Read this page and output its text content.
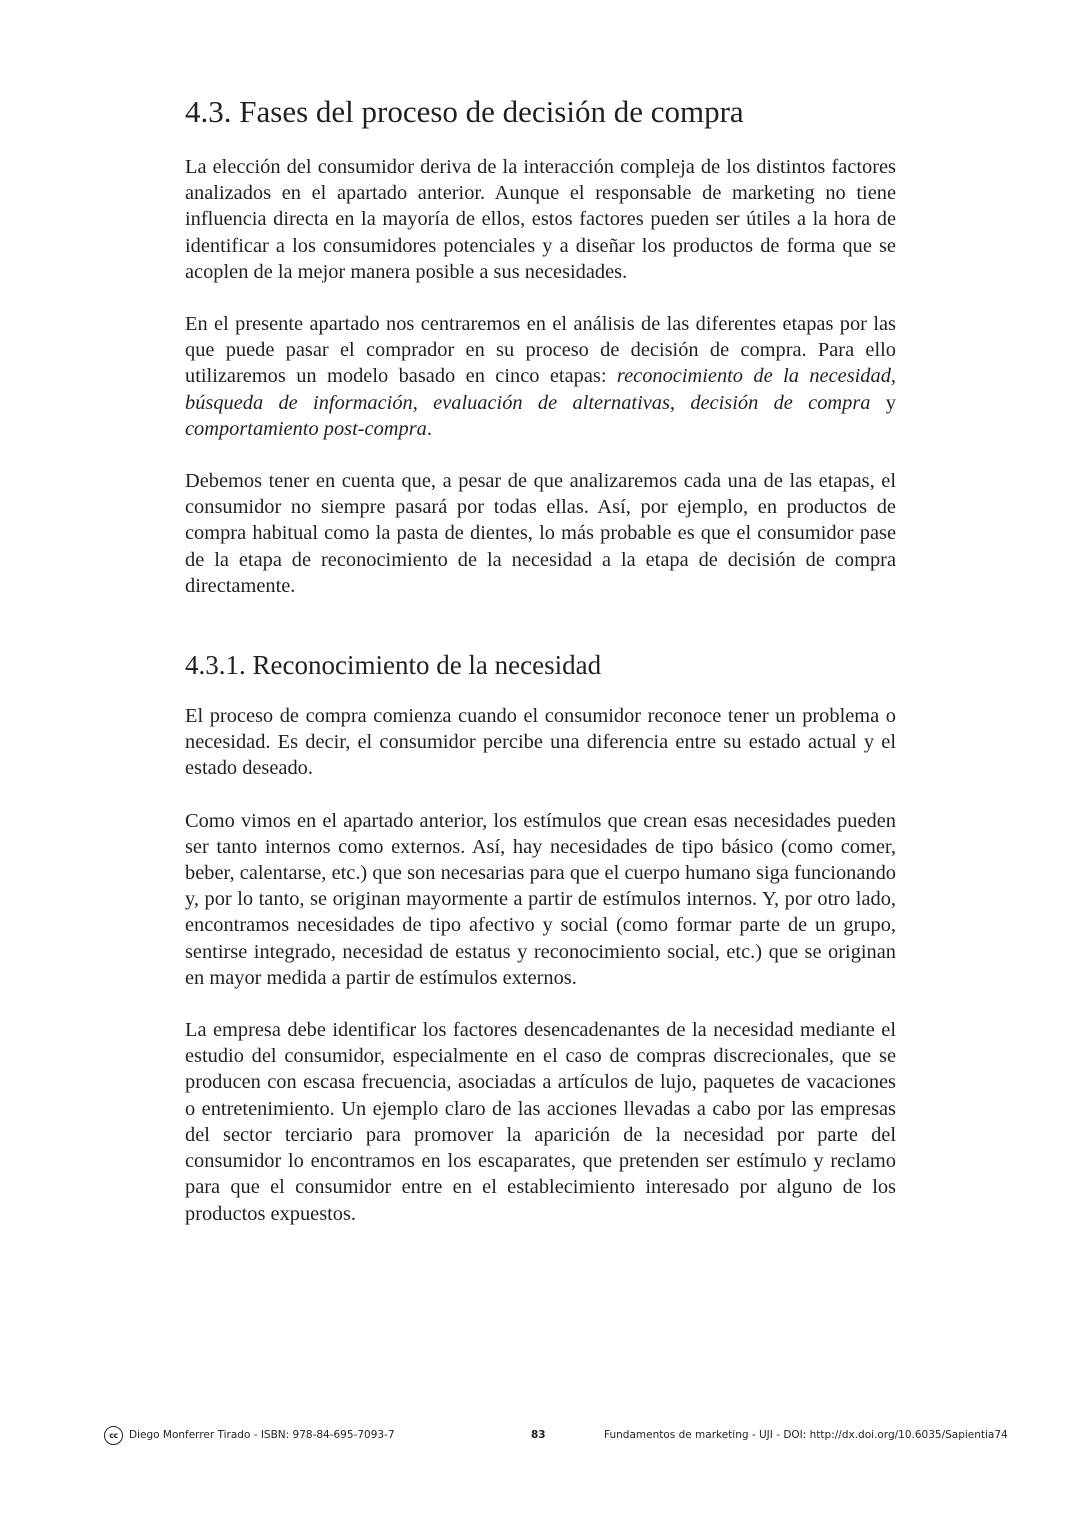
4.3. Fases del proceso de decisión de compra

La elección del consumidor deriva de la interacción compleja de los distintos factores analizados en el apartado anterior. Aunque el responsable de marketing no tiene influencia directa en la mayoría de ellos, estos factores pueden ser útiles a la hora de identificar a los consumidores potenciales y a diseñar los productos de forma que se acoplen de la mejor manera posible a sus necesidades.

En el presente apartado nos centraremos en el análisis de las diferentes etapas por las que puede pasar el comprador en su proceso de decisión de compra. Para ello utilizaremos un modelo basado en cinco etapas: reconocimiento de la necesidad, búsqueda de información, evaluación de alternativas, decisión de compra y comportamiento post-compra.

Debemos tener en cuenta que, a pesar de que analizaremos cada una de las etapas, el consumidor no siempre pasará por todas ellas. Así, por ejemplo, en productos de compra habitual como la pasta de dientes, lo más probable es que el consumidor pase de la etapa de reconocimiento de la necesidad a la etapa de decisión de compra directamente.

4.3.1. Reconocimiento de la necesidad

El proceso de compra comienza cuando el consumidor reconoce tener un problema o necesidad. Es decir, el consumidor percibe una diferencia entre su estado actual y el estado deseado.

Como vimos en el apartado anterior, los estímulos que crean esas necesidades pueden ser tanto internos como externos. Así, hay necesidades de tipo básico (como comer, beber, calentarse, etc.) que son necesarias para que el cuerpo humano siga funcionando y, por lo tanto, se originan mayormente a partir de estímulos internos. Y, por otro lado, encontramos necesidades de tipo afectivo y social (como formar parte de un grupo, sentirse integrado, necesidad de estatus y reconocimiento social, etc.) que se originan en mayor medida a partir de estímulos externos.

La empresa debe identificar los factores desencadenantes de la necesidad mediante el estudio del consumidor, especialmente en el caso de compras discrecionales, que se producen con escasa frecuencia, asociadas a artículos de lujo, paquetes de vacaciones o entretenimiento. Un ejemplo claro de las acciones llevadas a cabo por las empresas del sector terciario para promover la aparición de la necesidad por parte del consumidor lo encontramos en los escaparates, que pretenden ser estímulo y reclamo para que el consumidor entre en el establecimiento interesado por alguno de los productos expuestos.

cc	Diego Monferrer Tirado - ISBN: 978-84-695-7093-7	83	Fundamentos de marketing - UJI - DOI: http://dx.doi.org/10.6035/Sapientia74
